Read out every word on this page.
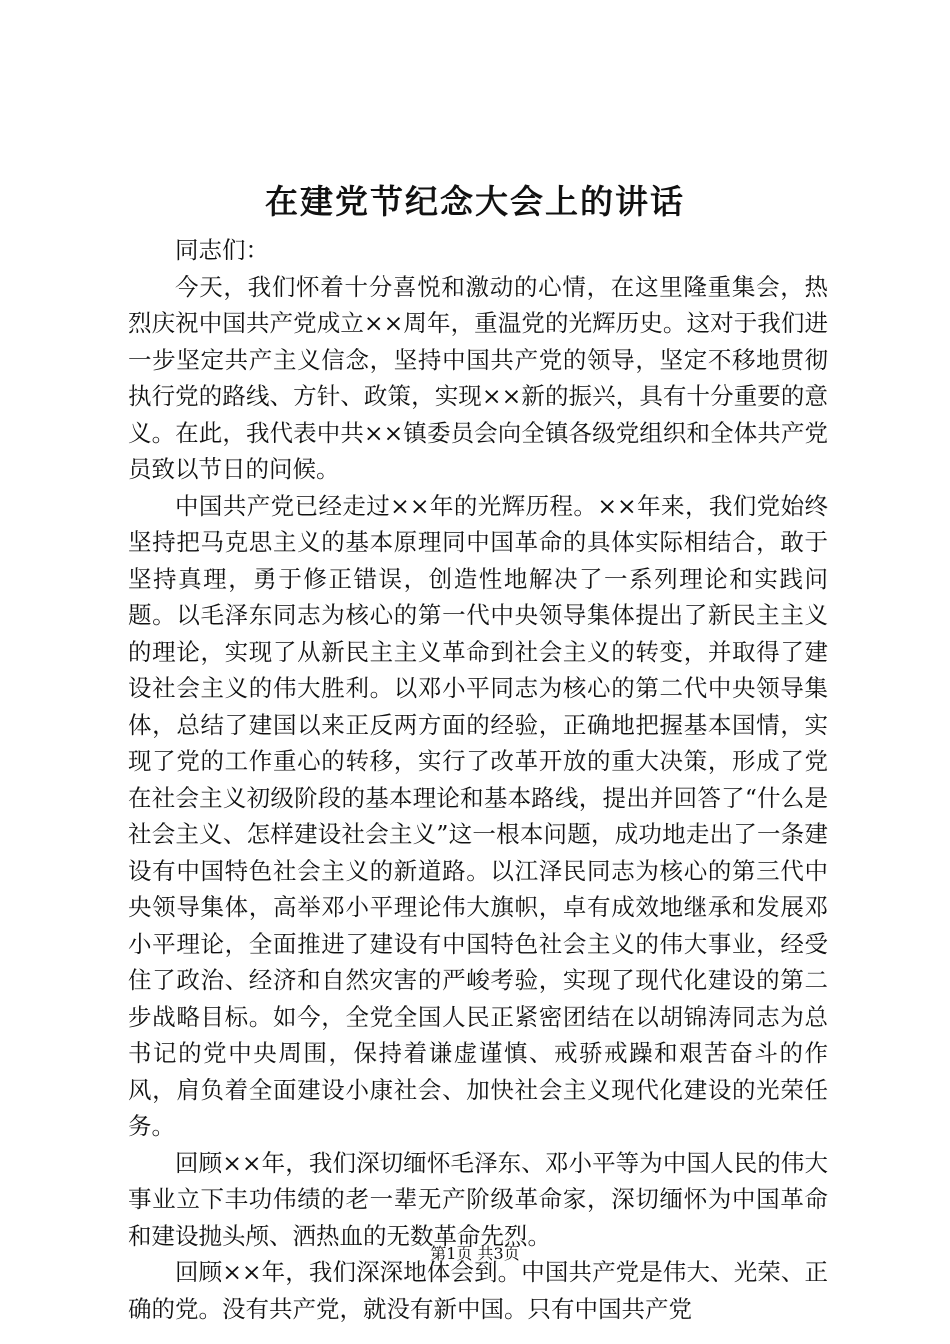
在建党节纪念大会上的讲话

同志们：

今天，我们怀着十分喜悦和激动的心情，在这里隆重集会，热烈庆祝中国共产党成立××周年，重温党的光辉历史。这对于我们进一步坚定共产主义信念，坚持中国共产党的领导，坚定不移地贯彻执行党的路线、方针、政策，实现××新的振兴，具有十分重要的意义。在此，我代表中共××镇委员会向全镇各级党组织和全体共产党员致以节日的问候。

中国共产党已经走过××年的光辉历程。××年来，我们党始终坚持把马克思主义的基本原理同中国革命的具体实际相结合，敢于坚持真理，勇于修正错误，创造性地解决了一系列理论和实践问题。以毛泽东同志为核心的第一代中央领导集体提出了新民主主义的理论，实现了从新民主主义革命到社会主义的转变，并取得了建设社会主义的伟大胜利。以邓小平同志为核心的第二代中央领导集体，总结了建国以来正反两方面的经验，正确地把握基本国情，实现了党的工作重心的转移，实行了改革开放的重大决策，形成了党在社会主义初级阶段的基本理论和基本路线，提出并回答了“什么是社会主义、怎样建设社会主义”这一根本问题，成功地走出了一条建设有中国特色社会主义的新道路。以江泽民同志为核心的第三代中央领导集体，高举邓小平理论伟大旗帜，卓有成效地继承和发展邓小平理论，全面推进了建设有中国特色社会主义的伟大事业，经受住了政治、经济和自然灾害的严峻考验，实现了现代化建设的第二步战略目标。如今，全党全国人民正紧密团结在以胡锦涛同志为总书记的党中央周围，保持着谦虚谨慎、戒骄戒躁和艰苦奋斗的作风，肩负着全面建设小康社会、加快社会主义现代化建设的光荣任务。

回顾××年，我们深切缅怀毛泽东、邓小平等为中国人民的伟大事业立下丰功伟绩的老一辈无产阶级革命家，深切缅怀为中国革命和建设抛头颅、洒热血的无数革命先烈。

回顾××年，我们深深地体会到。中国共产党是伟大、光荣、正确的党。没有共产党，就没有新中国。只有中国共产党

第1页 共3页
